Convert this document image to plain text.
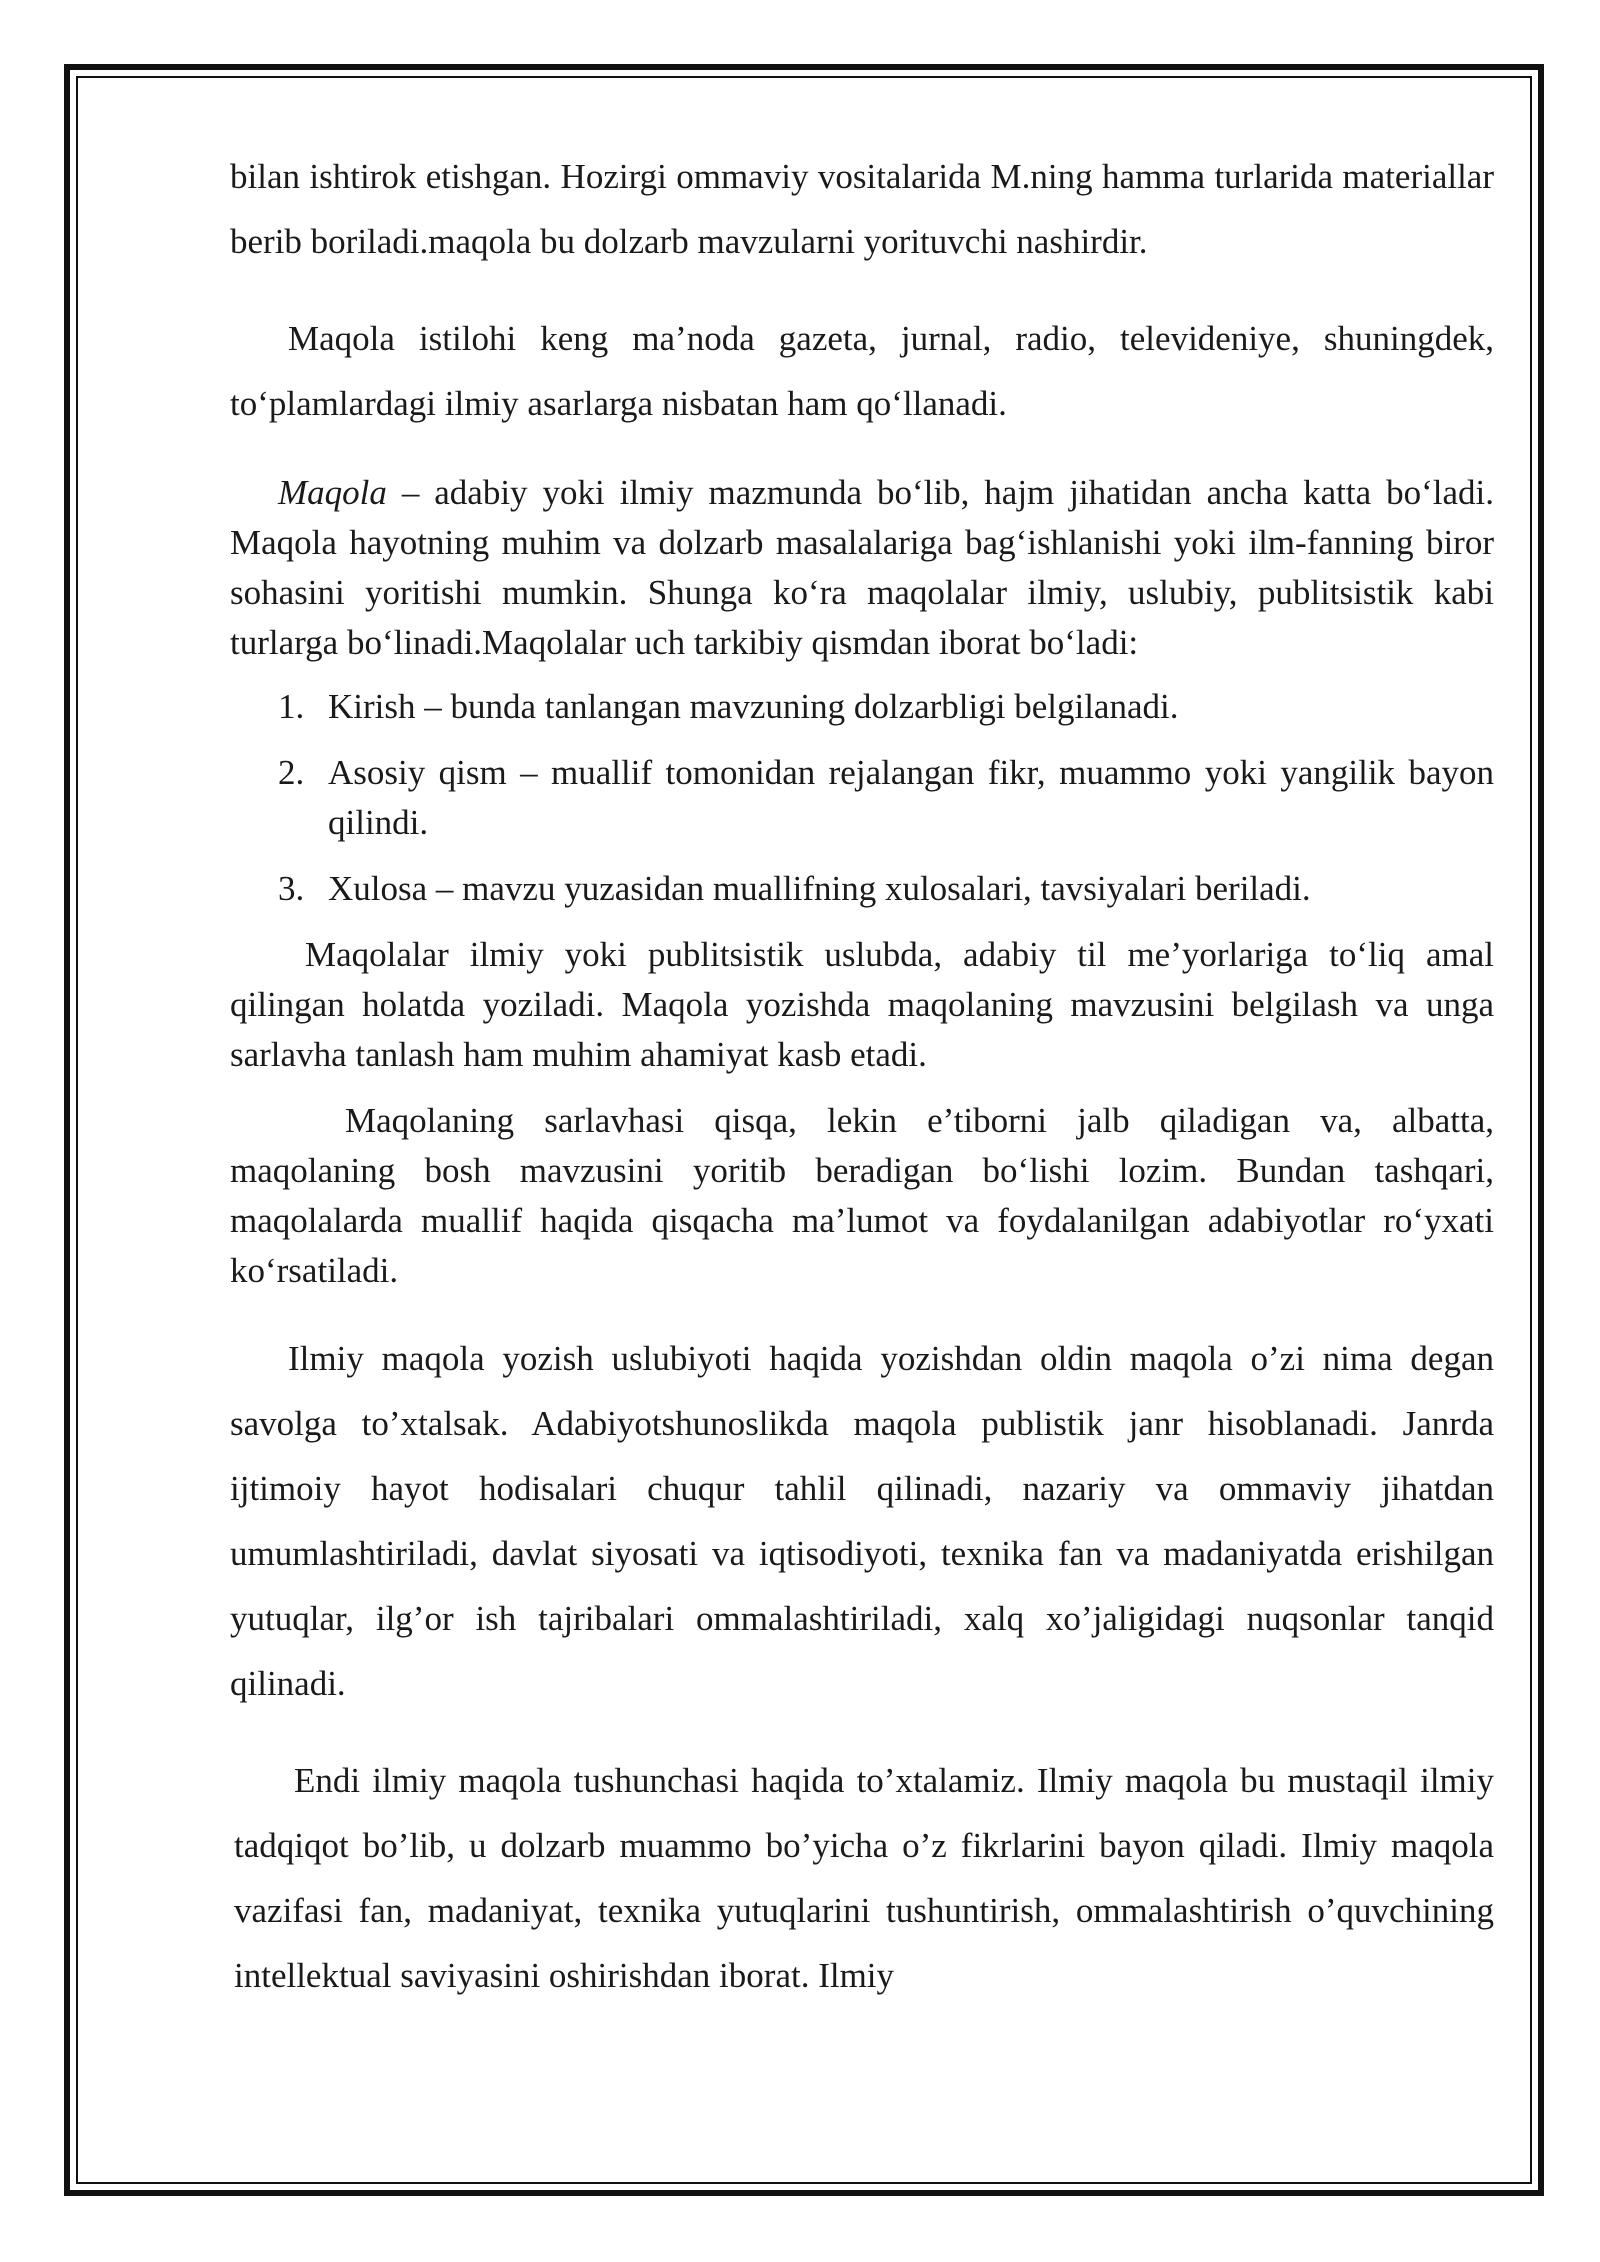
bilan ishtirok etishgan. Hozirgi ommaviy vositalarida M.ning hamma turlarida materiallar berib boriladi.maqola bu dolzarb mavzularni yorituvchi nashirdir.

Maqola istilohi keng ma’noda gazeta, jurnal, radio, televideniye, shuningdek, to‘plamlardagi ilmiy asarlarga nisbatan ham qo‘llanadi.

Maqola – adabiy yoki ilmiy mazmunda bo‘lib, hajm jihatidan ancha katta bo‘ladi. Maqola hayotning muhim va dolzarb masalalariga bag‘ishlanishi yoki ilm-fanning biror sohasini yoritishi mumkin. Shunga ko‘ra maqolalar ilmiy, uslubiy, publitsistik kabi turlarga bo‘linadi.Maqolalar uch tarkibiy qismdan iborat bo‘ladi:

1. Kirish – bunda tanlangan mavzuning dolzarbligi belgilanadi.
2. Asosiy qism – muallif tomonidan rejalangan fikr, muammo yoki yangilik bayon qilindi.
3. Xulosa – mavzu yuzasidan muallifning xulosalari, tavsiyalari beriladi.

Maqolalar ilmiy yoki publitsistik uslubda, adabiy til me’yorlariga to‘liq amal qilingan holatda yoziladi. Maqola yozishda maqolaning mavzusini belgilash va unga sarlavha tanlash ham muhim ahamiyat kasb etadi.

Maqolaning sarlavhasi qisqa, lekin e’tiborni jalb qiladigan va, albatta, maqolaning bosh mavzusini yoritib beradigan bo‘lishi lozim. Bundan tashqari, maqolalarda muallif haqida qisqacha ma’lumot va foydalanilgan adabiyotlar ro‘yxati ko‘rsatiladi.

Ilmiy maqola yozish uslubiyoti haqida yozishdan oldin maqola o’zi nima degan savolga to’xtalsak. Adabiyotshunoslikda maqola publistik janr hisoblanadi. Janrda ijtimoiy hayot hodisalari chuqur tahlil qilinadi, nazariy va ommaviy jihatdan umumlashtiriladi, davlat siyosati va iqtisodiyoti, texnika fan va madaniyatda erishilgan yutuqlar, ilg’or ish tajribalari ommalashtiriladi, xalq xo’jaligidagi nuqsonlar tanqid qilinadi.

Endi ilmiy maqola tushunchasi haqida to’xtalamiz. Ilmiy maqola bu mustaqil ilmiy tadqiqot bo’lib, u dolzarb muammo bo’yicha o’z fikrlarini bayon qiladi. Ilmiy maqola vazifasi fan, madaniyat, texnika yutuqlarini tushuntirish, ommalashtirish o’quvchining intellektual saviyasini oshirishdan iborat. Ilmiy
